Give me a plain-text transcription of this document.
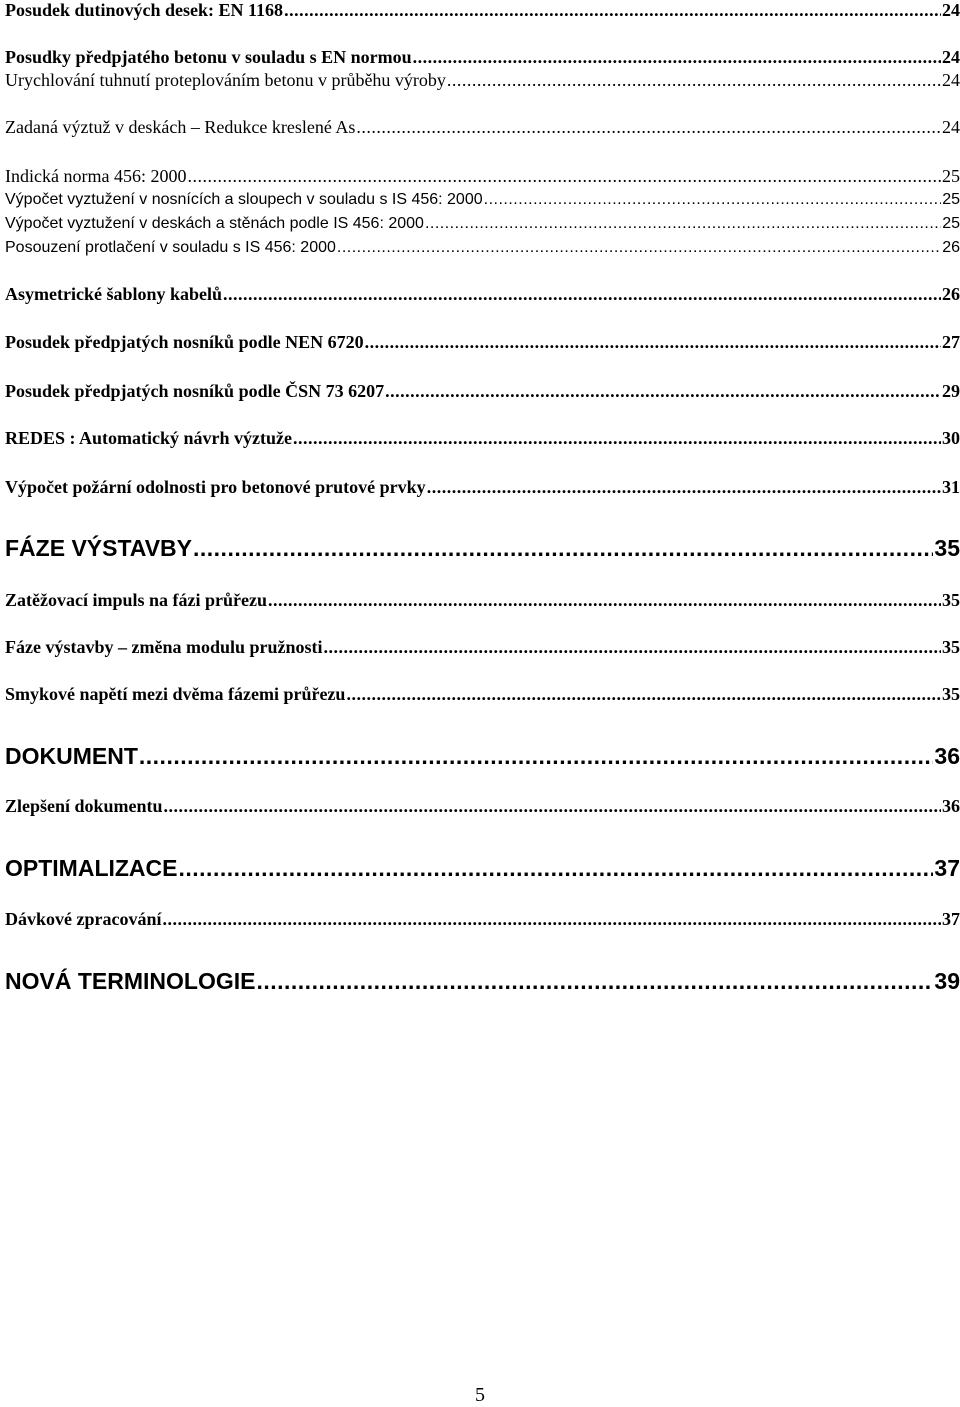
Posudek dutinových desek: EN 1168 .....	24
Posudky předpjatého betonu v souladu s EN normou .....	24
Urychlování tuhnutí proteplováním betonu v průběhu výroby .....	24
Zadaná výztuž v deskách – Redukce kreslené As .....	24
Indická norma 456: 2000 .....	25
Výpočet vyztužení v nosnících a sloupech v souladu s IS 456: 2000 .....	25
Výpočet vyztužení v deskách a stěnách podle IS 456: 2000 .....	25
Posouzení protlačení v souladu s IS 456: 2000 .....	26
Asymetrické šablony kabelů .....	26
Posudek předpjatých nosníků podle NEN 6720 .....	27
Posudek předpjatých nosníků podle ČSN 73 6207 .....	29
REDES : Automatický návrh výztuže .....	30
Výpočet požární odolnosti pro betonové prutové prvky .....	31
FÁZE VÝSTAVBY .....	35
Zatěžovací impuls na fázi průřezu .....	35
Fáze výstavby – změna modulu pružnosti .....	35
Smykové napětí mezi dvěma fázemi průřezu .....	35
DOKUMENT .....	36
Zlepšení dokumentu .....	36
OPTIMALIZACE .....	37
Dávkové zpracování .....	37
NOVÁ TERMINOLOGIE .....	39
5
